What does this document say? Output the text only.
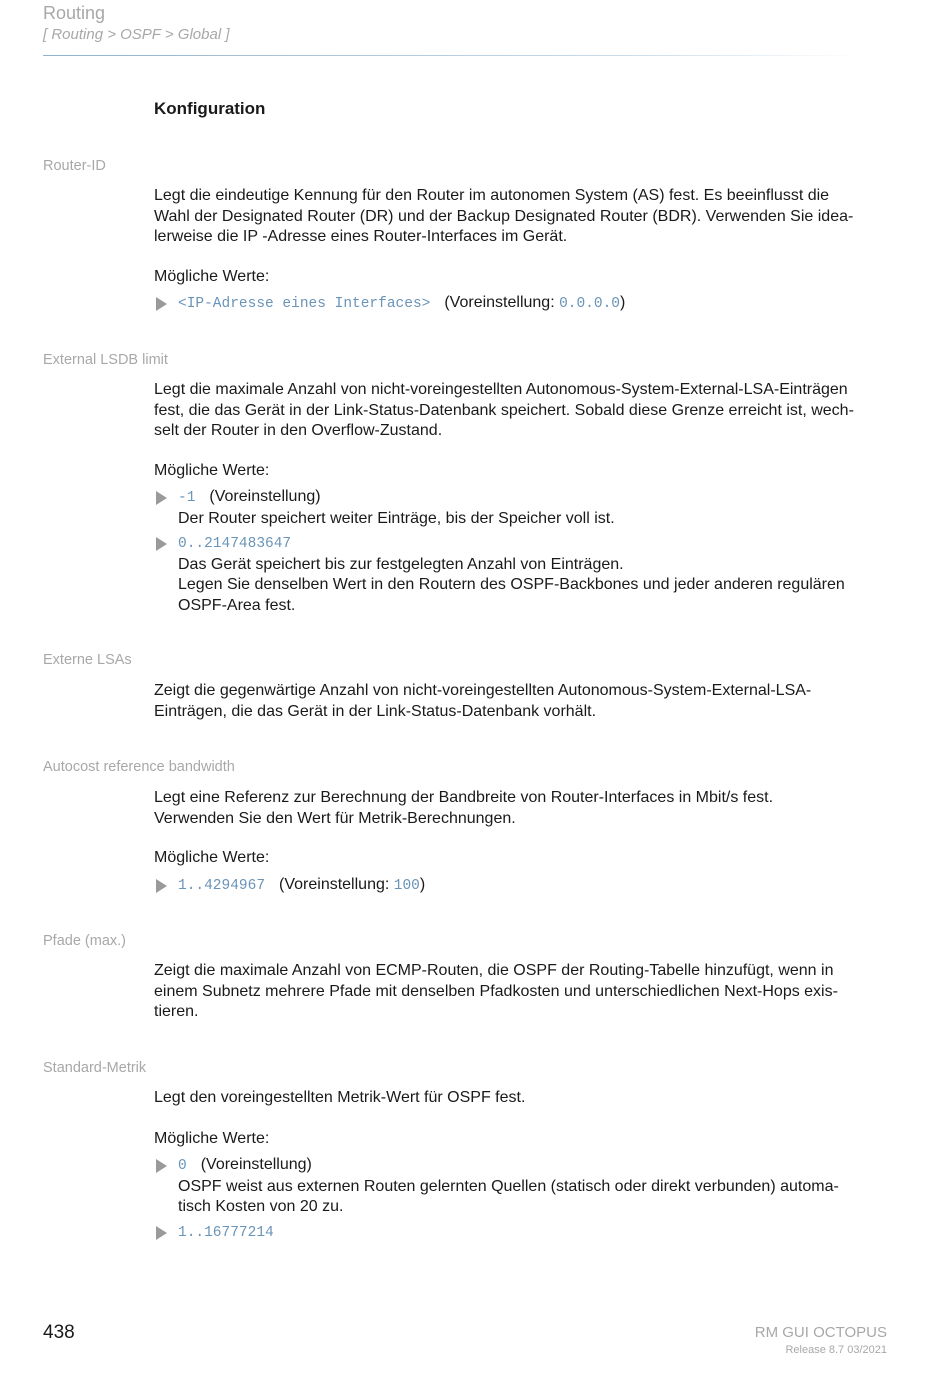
Routing
[ Routing > OSPF > Global ]
Konfiguration
Router-ID
Legt die eindeutige Kennung für den Router im autonomen System (AS) fest. Es beeinflusst die
Wahl der Designated Router (DR) und der Backup Designated Router (BDR). Verwenden Sie idea-
lerweise die IP -Adresse eines Router-Interfaces im Gerät.
Mögliche Werte:
<IP-Adresse eines Interfaces> (Voreinstellung: 0.0.0.0)
External LSDB limit
Legt die maximale Anzahl von nicht-voreingestellten Autonomous-System-External-LSA-Einträgen
fest, die das Gerät in der Link-Status-Datenbank speichert. Sobald diese Grenze erreicht ist, wech-
selt der Router in den Overflow-Zustand.
Mögliche Werte:
-1 (Voreinstellung)
Der Router speichert weiter Einträge, bis der Speicher voll ist.
0..2147483647
Das Gerät speichert bis zur festgelegten Anzahl von Einträgen.
Legen Sie denselben Wert in den Routern des OSPF-Backbones und jeder anderen regulären
OSPF-Area fest.
Externe LSAs
Zeigt die gegenwärtige Anzahl von nicht-voreingestellten Autonomous-System-External-LSA-
Einträgen, die das Gerät in der Link-Status-Datenbank vorhält.
Autocost reference bandwidth
Legt eine Referenz zur Berechnung der Bandbreite von Router-Interfaces in Mbit/s fest.
Verwenden Sie den Wert für Metrik-Berechnungen.
Mögliche Werte:
1..4294967 (Voreinstellung: 100)
Pfade (max.)
Zeigt die maximale Anzahl von ECMP-Routen, die OSPF der Routing-Tabelle hinzufügt, wenn in
einem Subnetz mehrere Pfade mit denselben Pfadkosten und unterschiedlichen Next-Hops exis-
tieren.
Standard-Metrik
Legt den voreingestellten Metrik-Wert für OSPF fest.
Mögliche Werte:
0 (Voreinstellung)
OSPF weist aus externen Routen gelernten Quellen (statisch oder direkt verbunden) automa-
tisch Kosten von 20 zu.
1..16777214
438	RM GUI OCTOPUS
Release 8.7 03/2021
